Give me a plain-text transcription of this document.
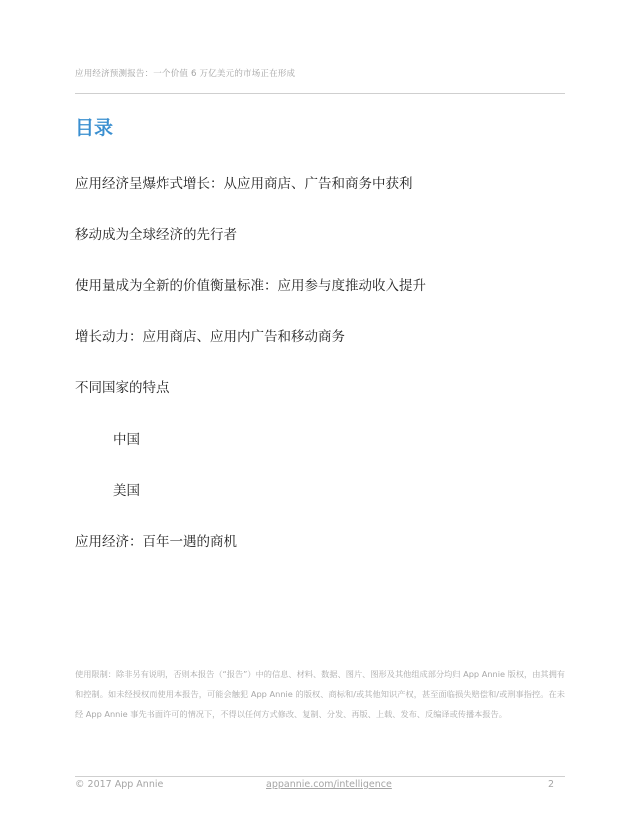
应用经济预测报告：一个价值 6 万亿美元的市场正在形成
目录
应用经济呈爆炸式增长：从应用商店、广告和商务中获利
移动成为全球经济的先行者
使用量成为全新的价值衡量标准：应用参与度推动收入提升
增长动力：应用商店、应用内广告和移动商务
不同国家的特点
中国
美国
应用经济：百年一遇的商机
使用限制：除非另有说明，否则本报告（“报告”）中的信息、材料、数据、图片、图形及其他组成部分均归 App Annie 版权，由其拥有和控制。如未经授权而使用本报告，可能会触犯 App Annie 的版权、商标和/或其他知识产权，甚至面临损失赔偿和/或刑事指控。在未经 App Annie 事先书面许可的情况下，不得以任何方式修改、复制、分发、再版、上载、发布、反编译或传播本报告。
© 2017 App Annie	appannie.com/intelligence	2
